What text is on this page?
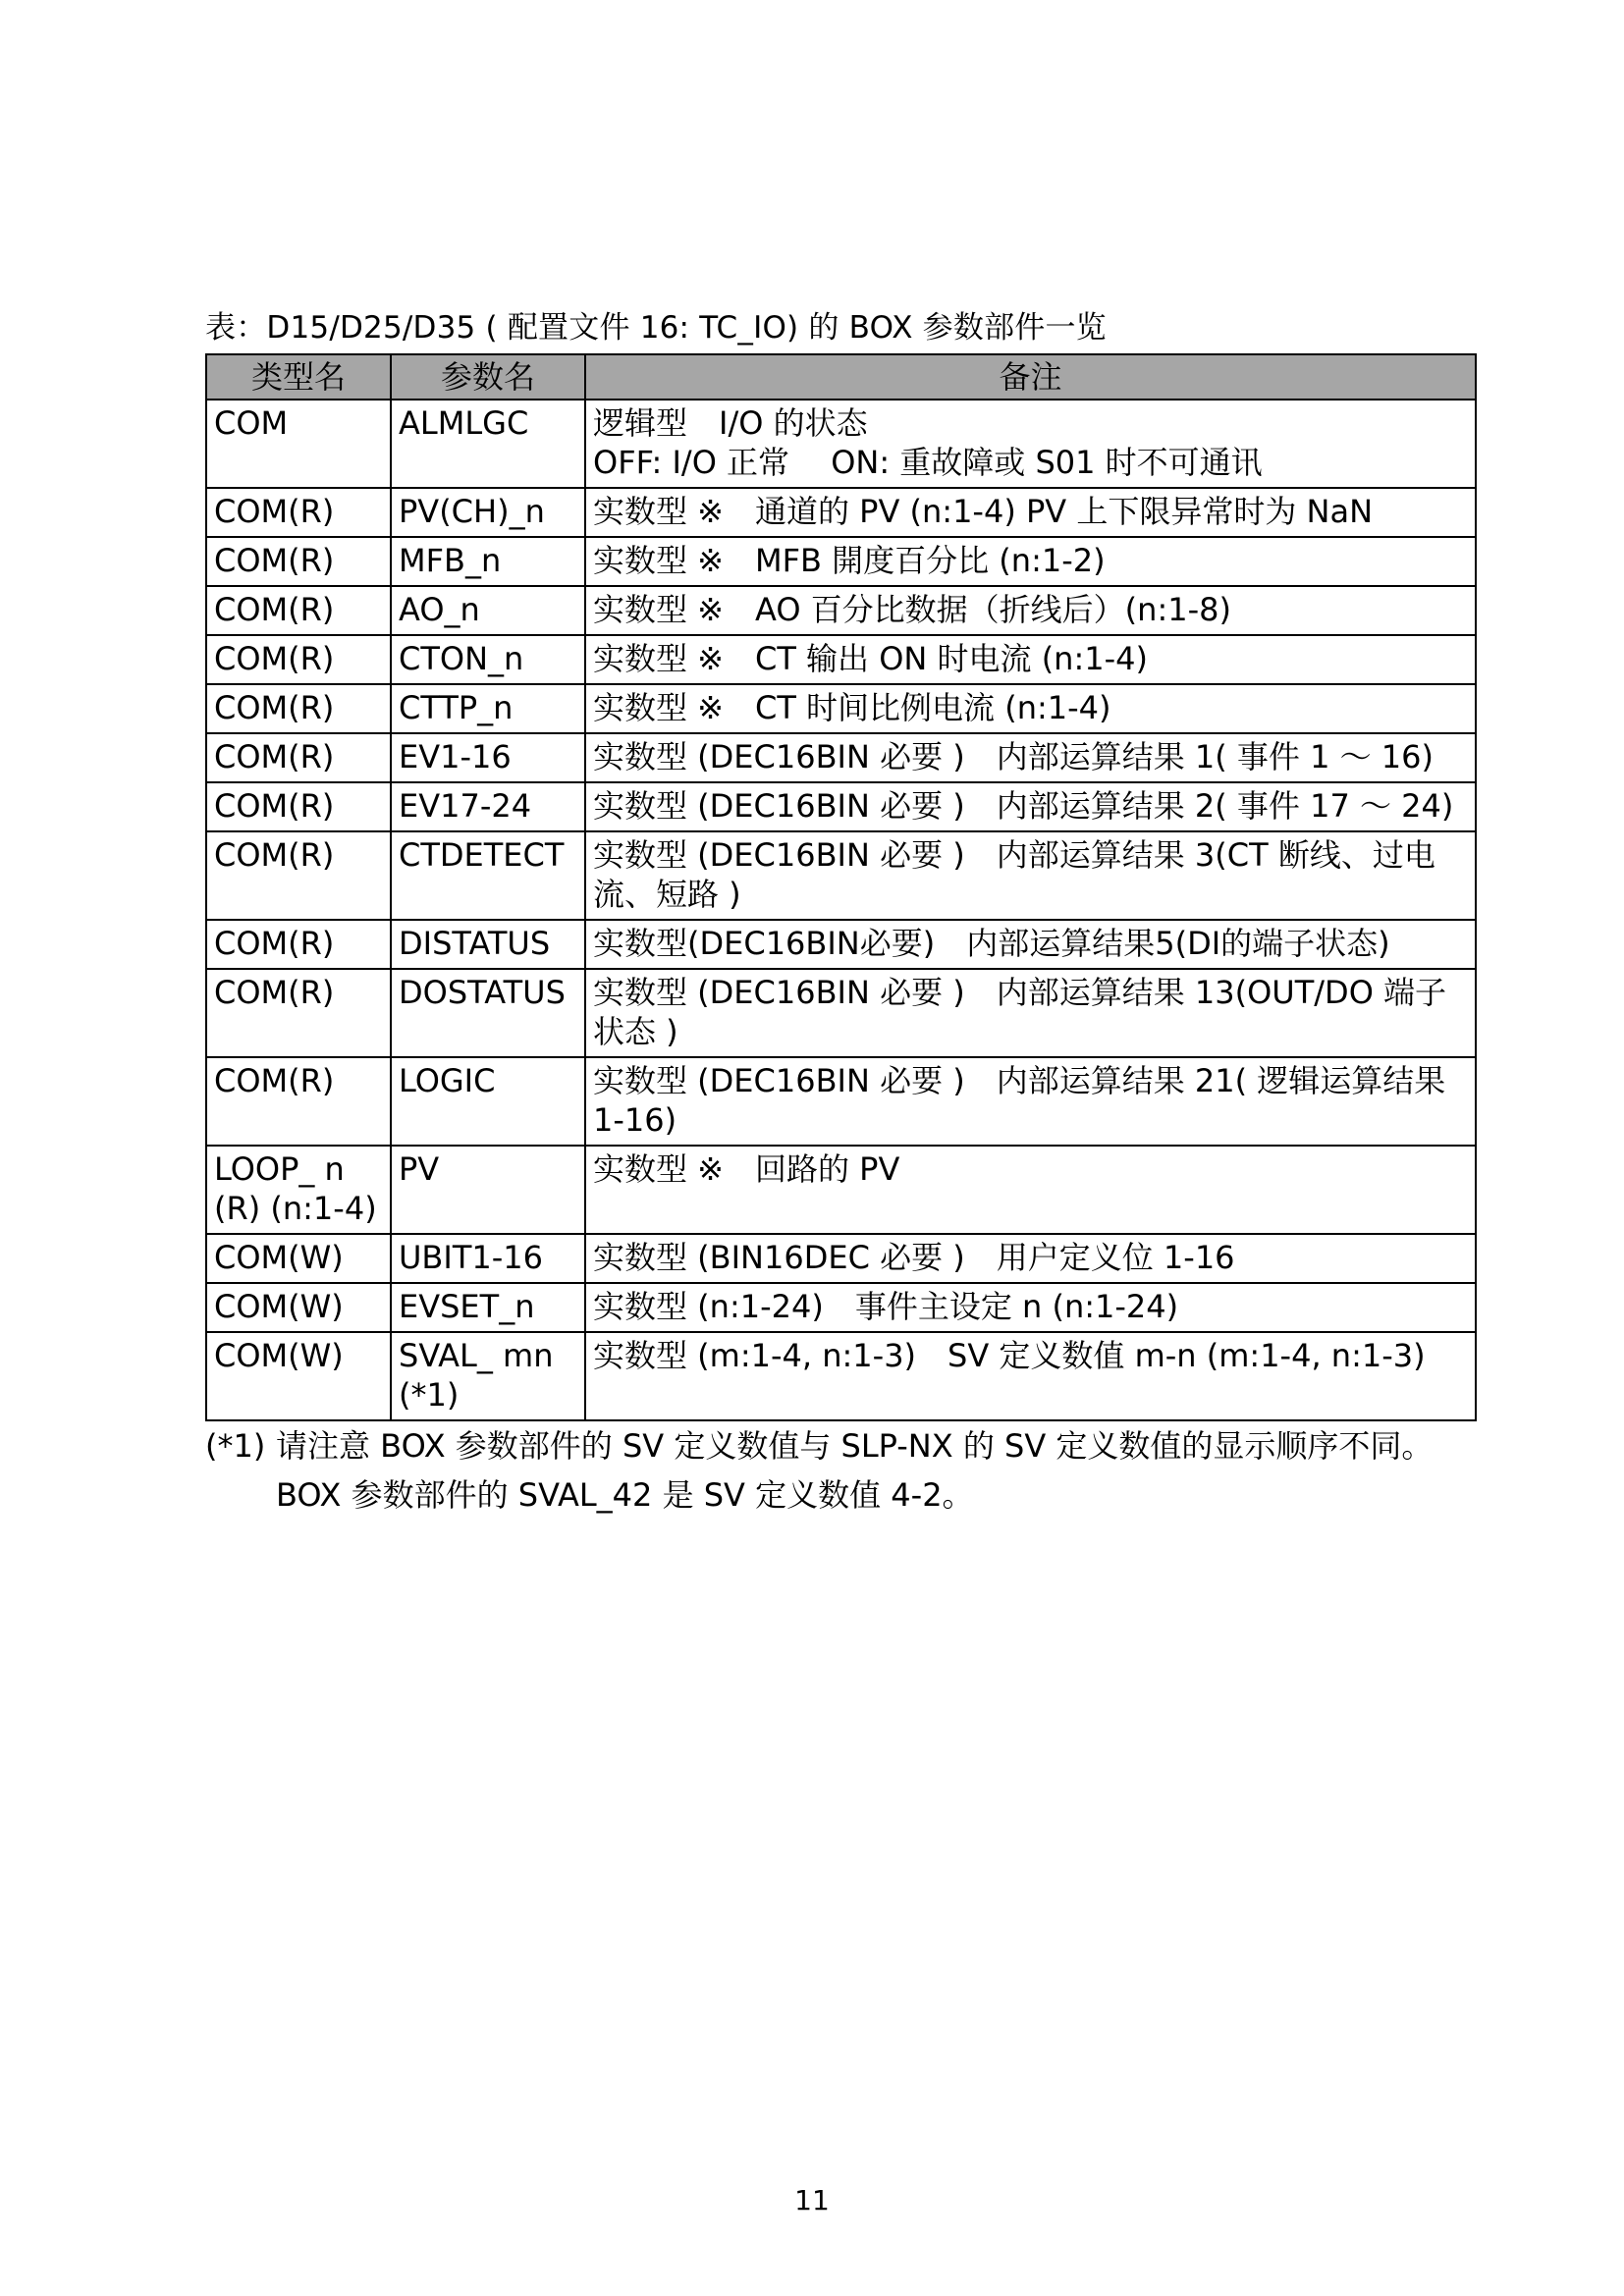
表：D15/D25/D35 ( 配置文件 16: TC_IO) 的 BOX 参数部件一览
类型名	参数名	备注
COM	ALMLGC	逻辑型　I/O 的状态
OFF: I/O 正常　 ON: 重故障或 S01 时不可通讯

COM(R)	PV(CH)_n	实数型 ※　通道的 PV (n:1-4) PV 上下限异常时为 NaN

COM(R)	MFB_n	实数型 ※　MFB 開度百分比 (n:1-2)

COM(R)	AO_n	实数型 ※　AO 百分比数据（折线后）(n:1-8)

COM(R)	CTON_n	实数型 ※　CT 输出 ON 时电流 (n:1-4)

COM(R)	CTTP_n	实数型 ※　CT 时间比例电流 (n:1-4)

COM(R)	EV1-16	实数型 (DEC16BIN 必要 )　内部运算结果 1( 事件 1 ～ 16)

COM(R)	EV17-24	实数型 (DEC16BIN 必要 )　内部运算结果 2( 事件 17 ～ 24)

COM(R)	CTDETECT	实数型 (DEC16BIN 必要 )　内部运算结果 3(CT 断线、过电流、短路 )

COM(R)	DISTATUS	实数型(DEC16BIN必要)　内部运算结果5(DI的端子状态)

COM(R)	DOSTATUS	实数型 (DEC16BIN 必要 )　内部运算结果 13(OUT/DO 端子状态 )

COM(R)	LOGIC	实数型 (DEC16BIN 必要 )　内部运算结果 21( 逻辑运算结果 1-16)

LOOP_ n(R) (n:1-4)	PV	实数型 ※　回路的 PV

COM(W)	UBIT1-16	实数型 (BIN16DEC 必要 )　用户定义位 1-16

COM(W)	EVSET_n	实数型 (n:1-24)　事件主设定 n (n:1-24)

COM(W)	SVAL_ mn(*1)	实数型 (m:1-4, n:1-3)　SV 定义数值 m-n (m:1-4, n:1-3)
(*1) 请注意 BOX 参数部件的 SV 定义数值与 SLP-NX 的 SV 定义数值的显示顺序不同。
BOX 参数部件的 SVAL_42 是 SV 定义数值 4-2。
11
